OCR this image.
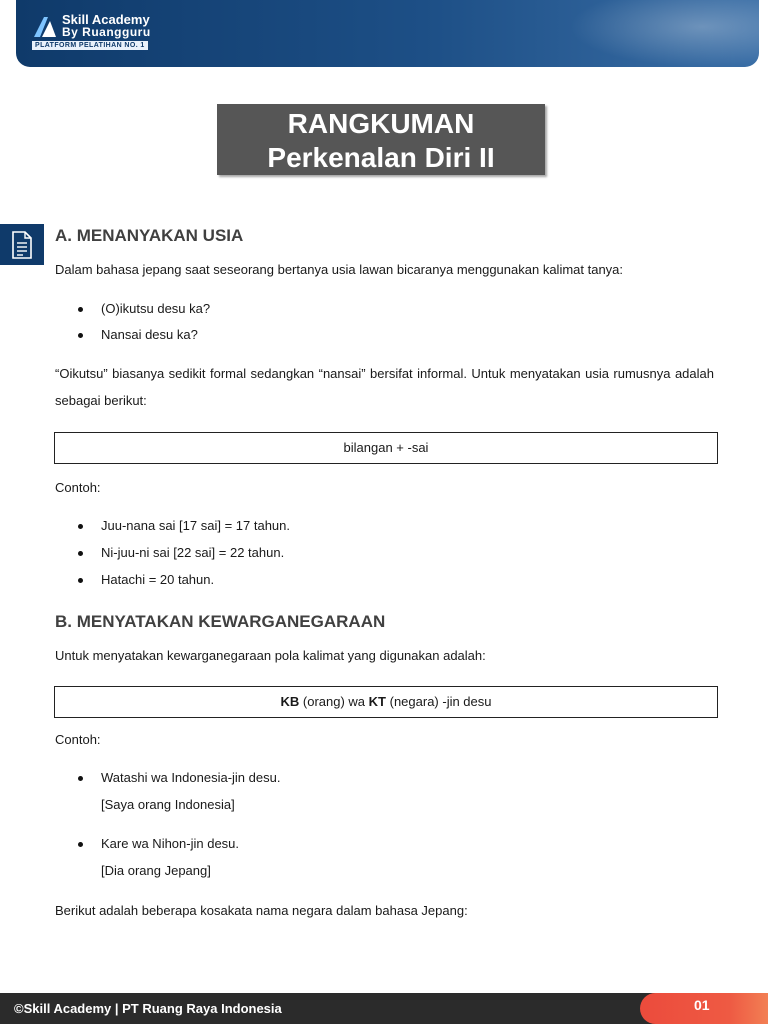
Skill Academy
By Ruangguru
PLATFORM PELATIHAN NO. 1
RANGKUMAN
Perkenalan Diri II
A. MENANYAKAN USIA
Dalam bahasa jepang saat seseorang bertanya usia lawan bicaranya menggunakan kalimat tanya:
(O)ikutsu desu ka?
Nansai desu ka?
“Oikutsu” biasanya sedikit formal sedangkan “nansai” bersifat informal. Untuk menyatakan usia rumusnya adalah sebagai berikut:
Contoh:
Juu-nana sai [17 sai] = 17 tahun.
Ni-juu-ni sai [22 sai] = 22 tahun.
Hatachi = 20 tahun.
B. MENYATAKAN KEWARGANEGARAAN
Untuk menyatakan kewarganegaraan pola kalimat yang digunakan adalah:
Contoh:
Watashi wa Indonesia-jin desu.
[Saya orang Indonesia]
Kare wa Nihon-jin desu.
[Dia orang Jepang]
Berikut adalah beberapa kosakata nama negara dalam bahasa Jepang:
bilangan + -sai
KB (orang) wa KT (negara) -jin desu
©Skill Academy | PT Ruang Raya Indonesia	01
